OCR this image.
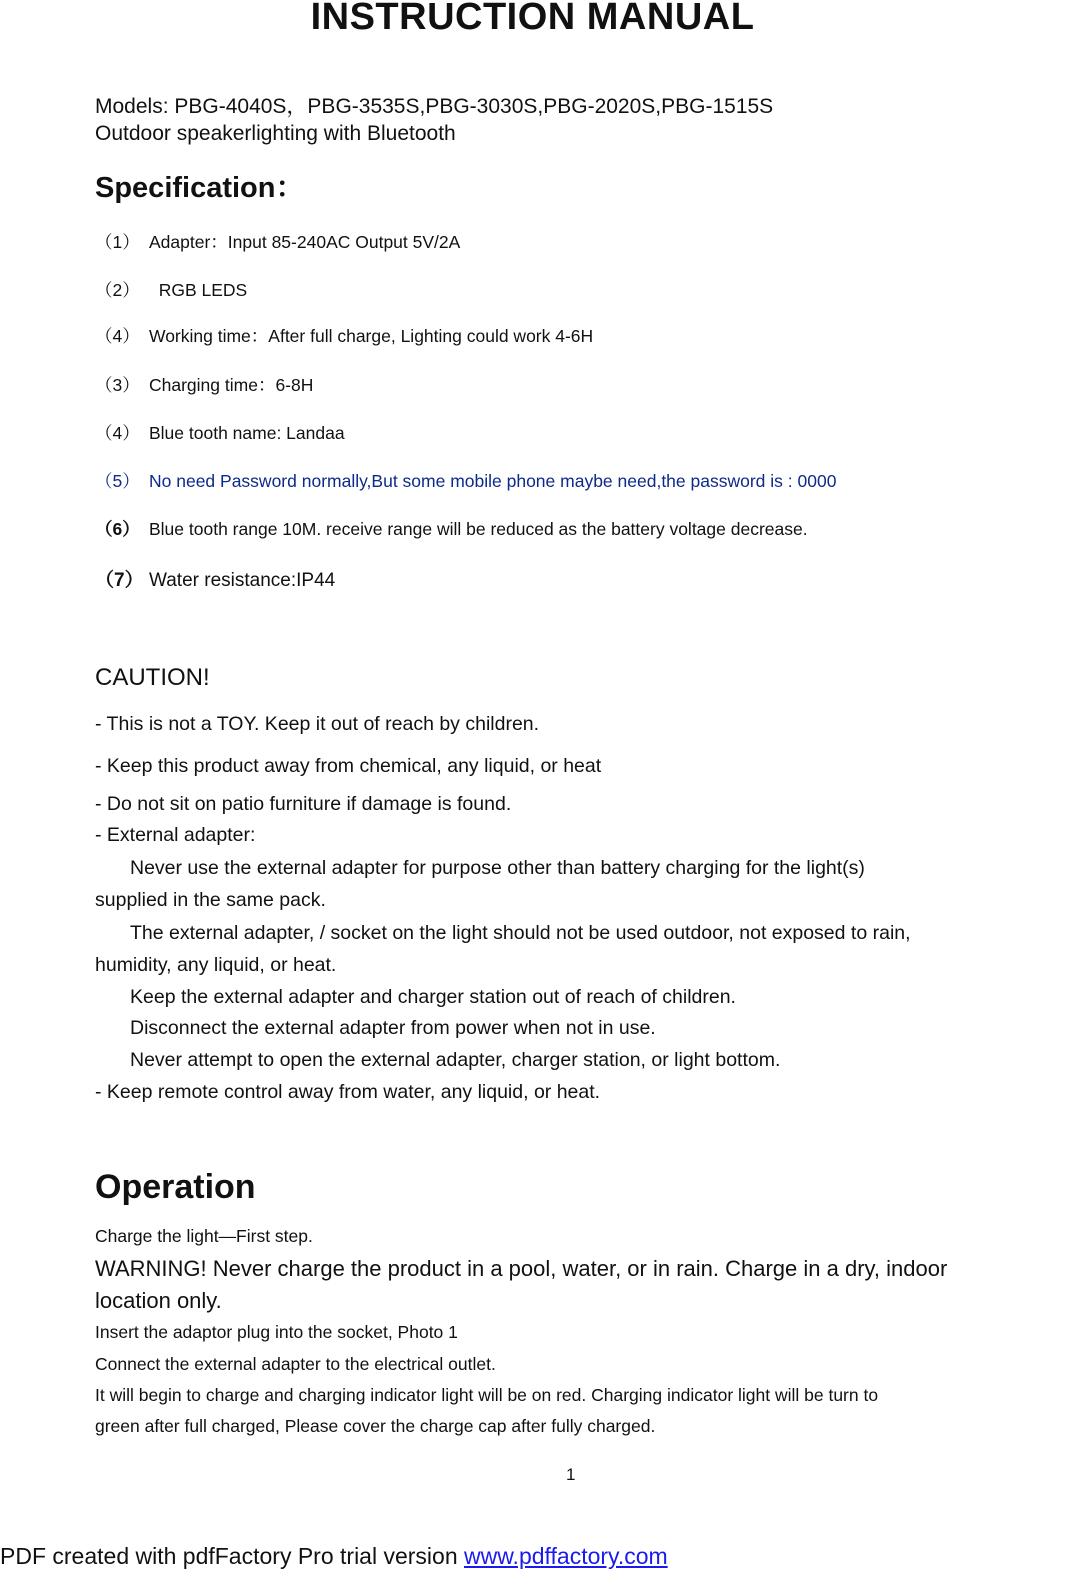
INSTRUCTION MANUAL
Models: PBG-4040S，PBG-3535S,PBG-3030S,PBG-2020S,PBG-1515S
Outdoor speakerlighting with Bluetooth
Specification：
（1） Adapter：Input 85-240AC Output 5V/2A
（2）  RGB LEDS
（4） Working time：After full charge, Lighting could work 4-6H
（3） Charging time：6-8H
（4） Blue tooth name: Landaa
（5） No need Password normally,But some mobile phone maybe need,the password is : 0000
（6） Blue tooth range 10M. receive range will be reduced as the battery voltage decrease.
（7） Water resistance:IP44
CAUTION!
- This is not a TOY. Keep it out of reach by children.
- Keep this product away from chemical, any liquid, or heat
- Do not sit on patio furniture if damage is found.
- External adapter:
Never use the external adapter for purpose other than battery charging for the light(s)
supplied in the same pack.
The external adapter, / socket on the light should not be used outdoor, not exposed to rain,
humidity, any liquid, or heat.
Keep the external adapter and charger station out of reach of children.
Disconnect the external adapter from power when not in use.
Never attempt to open the external adapter, charger station, or light bottom.
- Keep remote control away from water, any liquid, or heat.
Operation
Charge the light—First step.
WARNING! Never charge the product in a pool, water, or in rain. Charge in a dry, indoor
location only.
Insert the adaptor plug into the socket, Photo 1
Connect the external adapter to the electrical outlet.
It will begin to charge and charging indicator light will be on red. Charging indicator light will be turn to
green after full charged, Please cover the charge cap after fully charged.
1
PDF created with pdfFactory Pro trial version www.pdffactory.com
